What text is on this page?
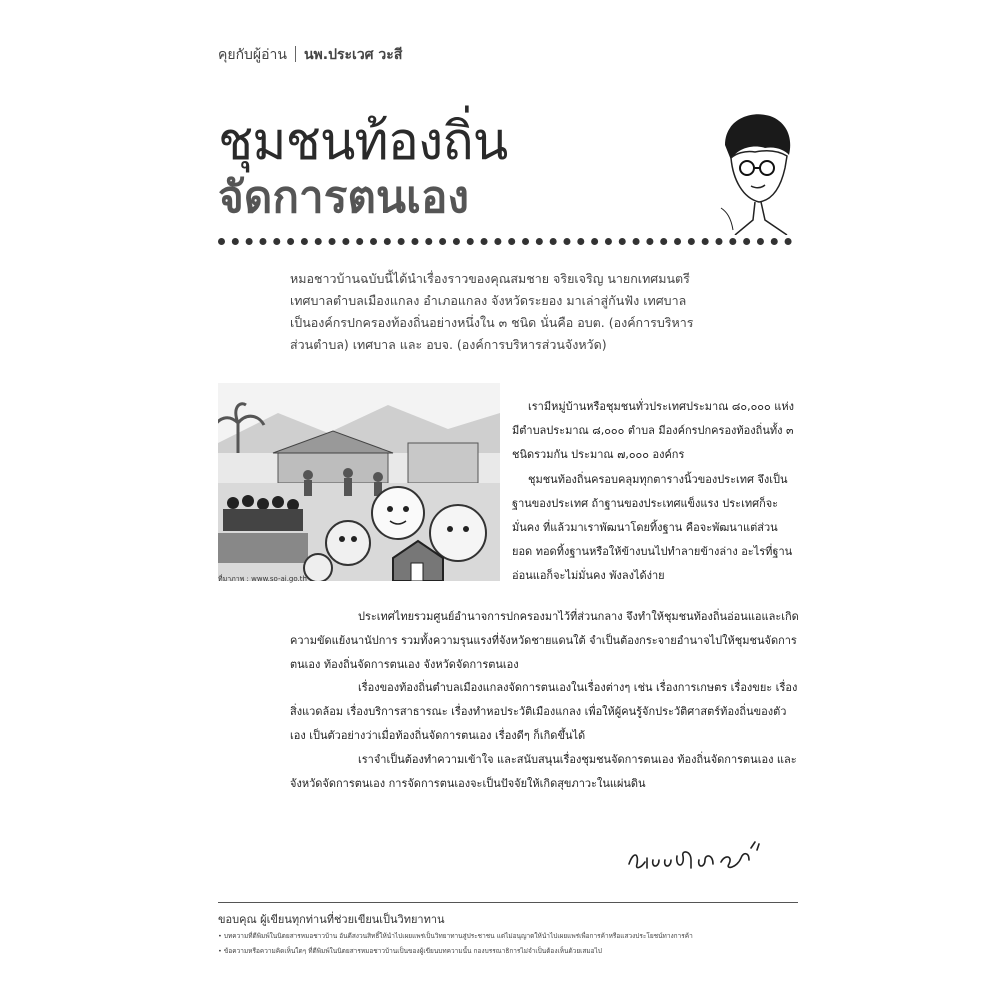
คุยกับผู้อ่าน นพ.ประเวศ วะสี
ชุมชนท้องถิ่น
จัดการตนเอง

หมอชาวบ้านฉบับนี้ได้นำเรื่องราวของคุณสมชาย จริยเจริญ นายกเทศมนตรี

เทศบาลตำบลเมืองแกลง อำเภอแกลง จังหวัดระยอง มาเล่าสู่กันฟัง เทศบาล

เป็นองค์กรปกครองท้องถิ่นอย่างหนึ่งใน ๓ ชนิด นั่นคือ อบต. (องค์การบริหาร

ส่วนตำบล) เทศบาล และ อบจ. (องค์การบริหารส่วนจังหวัด)

ที่มาภาพ : www.so-ai.go.th

เรามีหมู่บ้านหรือชุมชนทั่วประเทศประมาณ ๘๐,๐๐๐ แห่ง มีตำบลประมาณ ๘,๐๐๐ ตำบล มีองค์กรปกครองท้องถิ่นทั้ง ๓ ชนิดรวมกัน ประมาณ ๗,๐๐๐ องค์กร

ชุมชนท้องถิ่นครอบคลุมทุกตารางนิ้วของประเทศ จึงเป็นฐานของประเทศ ถ้าฐานของประเทศแข็งแรง ประเทศก็จะมั่นคง ที่แล้วมาเราพัฒนาโดยทิ้งฐาน คือจะพัฒนาแต่ส่วนยอด ทอดทิ้งฐานหรือให้ข้างบนไปทำลายข้างล่าง อะไรที่ฐานอ่อนแอก็จะไม่มั่นคง พังลงได้ง่าย

ประเทศไทยรวมศูนย์อำนาจการปกครองมาไว้ที่ส่วนกลาง จึงทำให้ชุมชนท้องถิ่นอ่อนแอและเกิดความขัดแย้งนานัปการ รวมทั้งความรุนแรงที่จังหวัดชายแดนใต้ จำเป็นต้องกระจายอำนาจไปให้ชุมชนจัดการตนเอง ท้องถิ่นจัดการตนเอง จังหวัดจัดการตนเอง

เรื่องของท้องถิ่นตำบลเมืองแกลงจัดการตนเองในเรื่องต่างๆ เช่น เรื่องการเกษตร เรื่องขยะ เรื่องสิ่งแวดล้อม เรื่องบริการสาธารณะ เรื่องทำหอประวัติเมืองแกลง เพื่อให้ผู้คนรู้จักประวัติศาสตร์ท้องถิ่นของตัวเอง เป็นตัวอย่างว่าเมื่อท้องถิ่นจัดการตนเอง เรื่องดีๆ ก็เกิดขึ้นได้

เราจำเป็นต้องทำความเข้าใจ และสนับสนุนเรื่องชุมชนจัดการตนเอง ท้องถิ่นจัดการตนเอง และจังหวัดจัดการตนเอง การจัดการตนเองจะเป็นปัจจัยให้เกิดสุขภาวะในแผ่นดิน

ขอบคุณ ผู้เขียนทุกท่านที่ช่วยเขียนเป็นวิทยาทาน
• บทความที่ตีพิมพ์ในนิตยสารหมอชาวบ้าน อันดีสงวนสิทธิ์ให้นำไปเผยแพร่เป็นวิทยาทานสู่ประชาชน แต่ไม่อนุญาตให้นำไปเผยแพร่เพื่อการค้าหรือแสวงประโยชน์ทางการค้า
• ข้อความหรือความคิดเห็นใดๆ ที่ตีพิมพ์ในนิตยสารหมอชาวบ้านเป็นของผู้เขียนบทความนั้น กองบรรณาธิการไม่จำเป็นต้องเห็นด้วยเสมอไป
